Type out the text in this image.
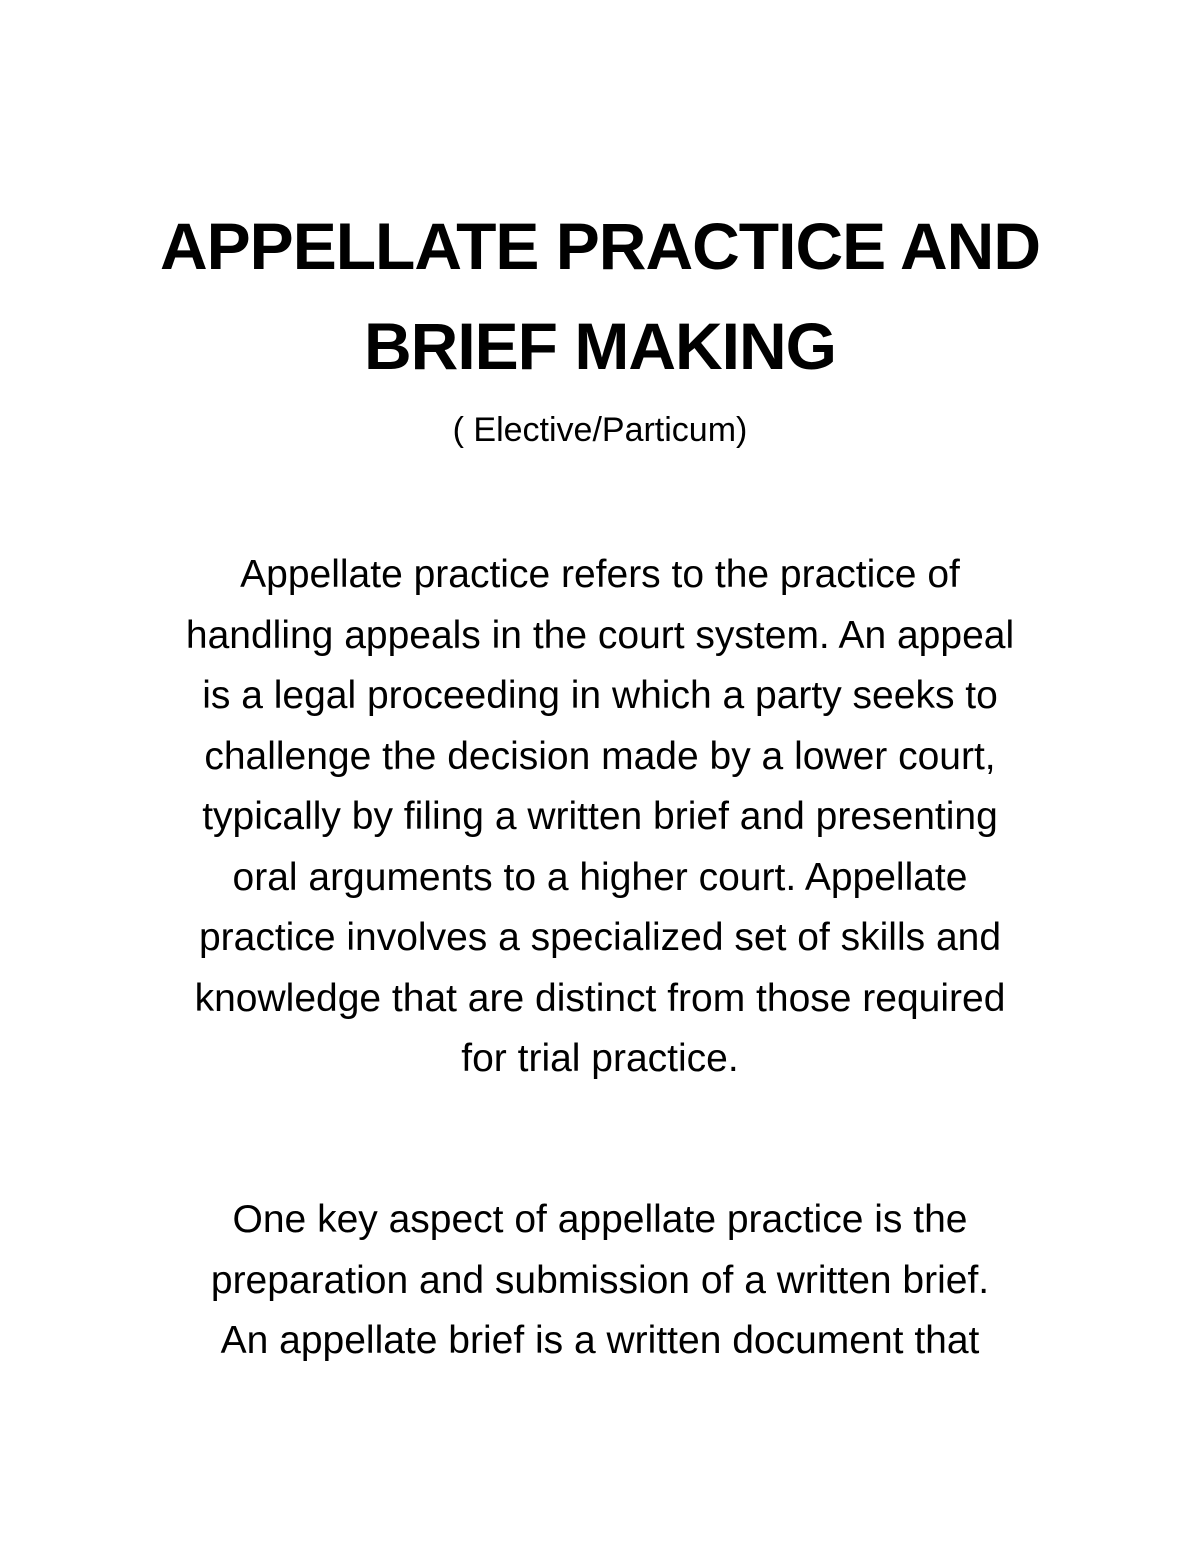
APPELLATE PRACTICE AND
BRIEF MAKING

( Elective/Particum)

Appellate practice refers to the practice of
handling appeals in the court system. An appeal
is a legal proceeding in which a party seeks to
challenge the decision made by a lower court,
typically by filing a written brief and presenting
oral arguments to a higher court. Appellate
practice involves a specialized set of skills and
knowledge that are distinct from those required
for trial practice.

One key aspect of appellate practice is the
preparation and submission of a written brief.
An appellate brief is a written document that
